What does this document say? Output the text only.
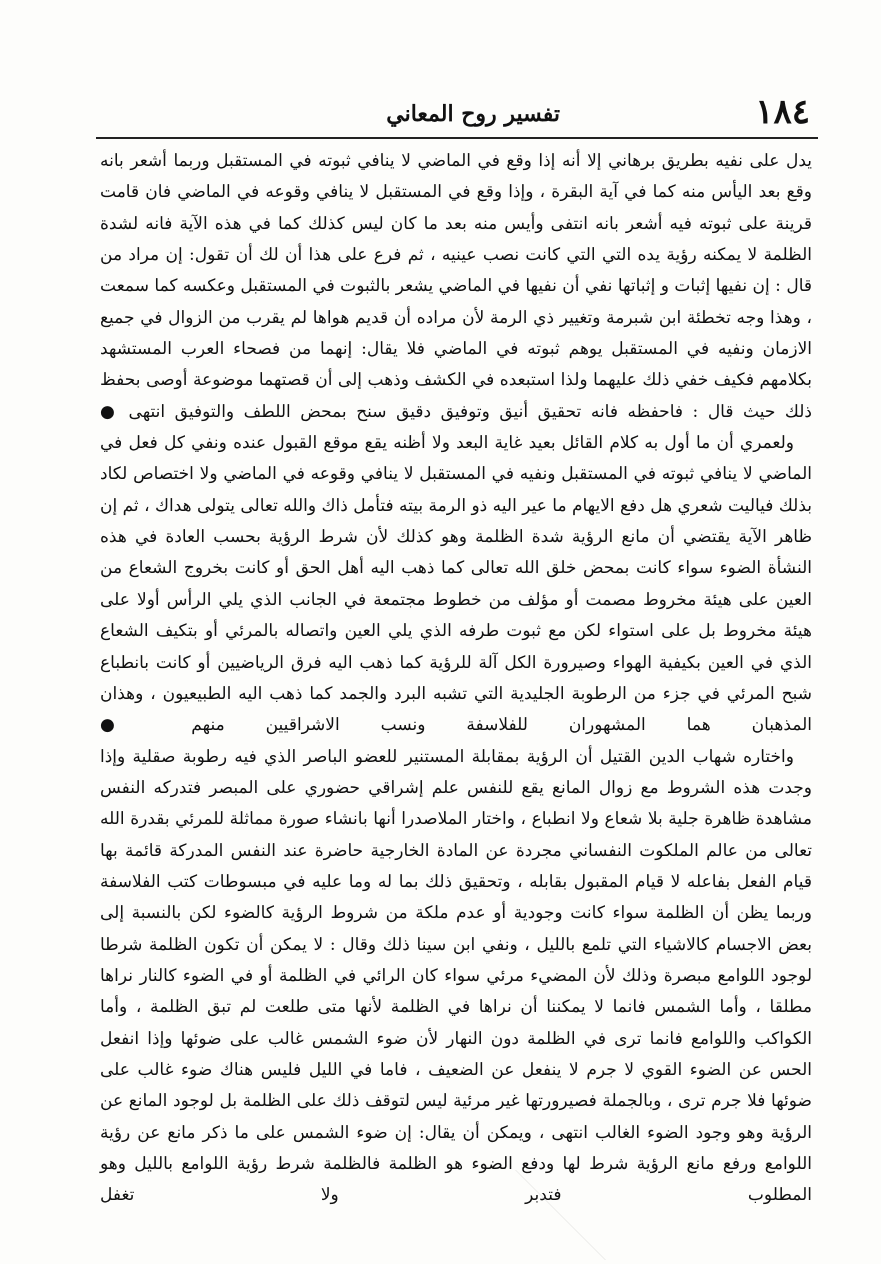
١٨٤
تفسير روح المعاني

يدل على نفيه بطريق برهاني إلا أنه إذا وقع في الماضي لا ينافي ثبوته في المستقبل وربما أشعر بانه وقع بعد اليأس منه كما في آية البقرة ، وإذا وقع في المستقبل لا ينافي وقوعه في الماضي فان قامت قرينة على ثبوته فيه أشعر بانه انتفى وأيس منه بعد ما كان ليس كذلك كما في هذه الآية فانه لشدة الظلمة لا يمكنه رؤية يده التي التي كانت نصب عينيه ، ثم فرع على هذا أن لك أن تقول: إن مراد من قال : إن نفيها إثبات و إثباتها نفي أن نفيها في الماضي يشعر بالثبوت في المستقبل وعكسه كما سمعت ، وهذا وجه تخطئة ابن شبرمة وتغيير ذي الرمة لأن مراده أن قديم هواها لم يقرب من الزوال في جميع الازمان ونفيه في المستقبل يوهم ثبوته في الماضي فلا يقال: إنهما من فصحاء العرب المستشهد بكلامهم فكيف خفي ذلك عليهما ولذا استبعده في الكشف وذهب إلى أن قصتهما موضوعة أوصى بحفظ ذلك حيث قال : فاحفظه فانه تحقيق أنيق وتوفيق دقيق سنح بمحض اللطف والتوفيق انتهى ●

ولعمري أن ما أول به كلام القائل بعيد غاية البعد ولا أظنه يقع موقع القبول عنده ونفي كل فعل في الماضي لا ينافي ثبوته في المستقبل ونفيه في المستقبل لا ينافي وقوعه في الماضي ولا اختصاص لكاد بذلك فياليت شعري هل دفع الايهام ما عير اليه ذو الرمة بيته فتأمل ذاك والله تعالى يتولى هداك ، ثم إن ظاهر الآية يقتضي أن مانع الرؤية شدة الظلمة وهو كذلك لأن شرط الرؤية بحسب العادة في هذه النشأة الضوء سواء كانت بمحض خلق الله تعالى كما ذهب اليه أهل الحق أو كانت بخروج الشعاع من العين على هيئة مخروط مصمت أو مؤلف من خطوط مجتمعة في الجانب الذي يلي الرأس أولا على هيئة مخروط بل على استواء لكن مع ثبوت طرفه الذي يلي العين واتصاله بالمرئي أو بتكيف الشعاع الذي في العين بكيفية الهواء وصيرورة الكل آلة للرؤية كما ذهب اليه فرق الرياضيين أو كانت بانطباع شبح المرئي في جزء من الرطوبة الجليدية التي تشبه البرد والجمد كما ذهب اليه الطبيعيون ، وهذان المذهبان هما المشهوران للفلاسفة ونسب الاشراقيين منهم ●

واختاره شهاب الدين القتيل أن الرؤية بمقابلة المستنير للعضو الباصر الذي فيه رطوبة صقلية وإذا وجدت هذه الشروط مع زوال المانع يقع للنفس علم إشراقي حضوري على المبصر فتدركه النفس مشاهدة ظاهرة جلية بلا شعاع ولا انطباع ، واختار الملاصدرا أنها بانشاء صورة مماثلة للمرئي بقدرة الله تعالى من عالم الملكوت النفساني مجردة عن المادة الخارجية حاضرة عند النفس المدركة قائمة بها قيام الفعل بفاعله لا قيام المقبول بقابله ، وتحقيق ذلك بما له وما عليه في مبسوطات كتب الفلاسفة وربما يظن أن الظلمة سواء كانت وجودية أو عدم ملكة من شروط الرؤية كالضوء لكن بالنسبة إلى بعض الاجسام كالاشياء التي تلمع بالليل ، ونفي ابن سينا ذلك وقال : لا يمكن أن تكون الظلمة شرطا لوجود اللوامع مبصرة وذلك لأن المضيء مرئي سواء كان الرائي في الظلمة أو في الضوء كالنار نراها مطلقا ، وأما الشمس فانما لا يمكننا أن نراها في الظلمة لأنها متى طلعت لم تبق الظلمة ، وأما الكواكب واللوامع فانما ترى في الظلمة دون النهار لأن ضوء الشمس غالب على ضوئها وإذا انفعل الحس عن الضوء القوي لا جرم لا ينفعل عن الضعيف ، فاما في الليل فليس هناك ضوء غالب على ضوئها فلا جرم ترى ، وبالجملة فصيرورتها غير مرئية ليس لتوقف ذلك على الظلمة بل لوجود المانع عن الرؤية وهو وجود الضوء الغالب انتهى ، ويمكن أن يقال: إن ضوء الشمس على ما ذكر مانع عن رؤية اللوامع ورفع مانع الرؤية شرط لها ودفع الضوء هو الظلمة فالظلمة شرط رؤية اللوامع بالليل وهو المطلوب فتدبر ولا تغفل
